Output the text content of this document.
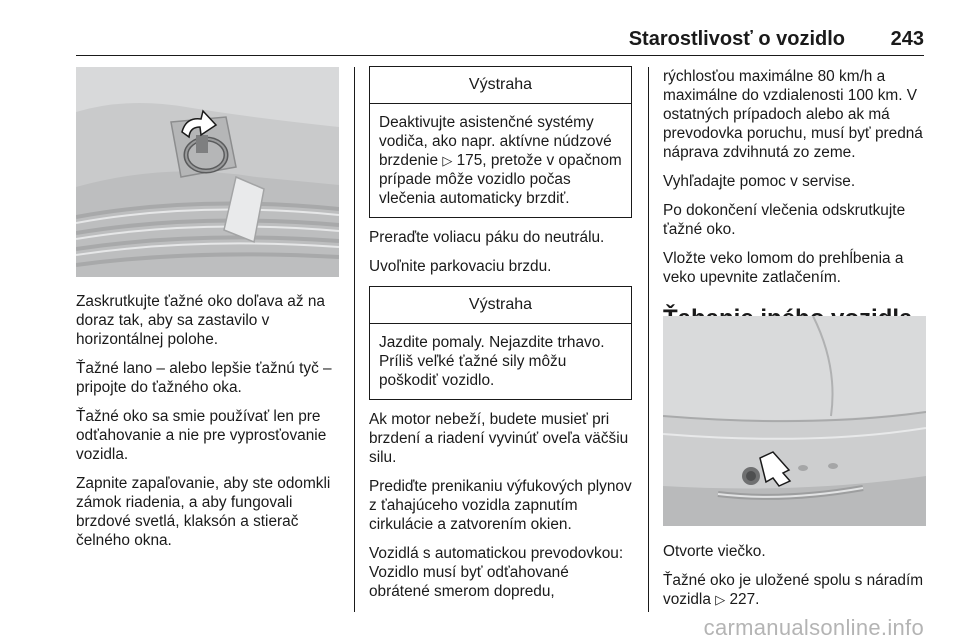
Starostlivosť o vozidlo 243

Zaskrutkujte ťažné oko doľava až na doraz tak, aby sa zastavilo v horizontálnej polohe.

Ťažné lano – alebo lepšie ťažnú tyč – pripojte do ťažného oka.

Ťažné oko sa smie používať len pre odťahovanie a nie pre vyprosťovanie vozidla.

Zapnite zapaľovanie, aby ste odomkli zámok riadenia, a aby fungovali brzdové svetlá, klaksón a stierač čelného okna.

Výstraha
Deaktivujte asistenčné systémy vodiča, ako napr. aktívne núdzové brzdenie ▷ 175, pretože v opačnom prípade môže vozidlo počas vlečenia automaticky brzdiť.

Preraďte voliacu páku do neutrálu.

Uvoľnite parkovaciu brzdu.

Výstraha
Jazdite pomaly. Nejazdite trhavo. Príliš veľké ťažné sily môžu poškodiť vozidlo.

Ak motor nebeží, budete musieť pri brzdení a riadení vyvinúť oveľa väčšiu silu.

Prediďte prenikaniu výfukových plynov z ťahajúceho vozidla zapnutím cirkulácie a zatvorením okien.

Vozidlá s automatickou prevodovkou: Vozidlo musí byť odťahované obrátené smerom dopredu,

rýchlosťou maximálne 80 km/h a maximálne do vzdialenosti 100 km. V ostatných prípadoch alebo ak má prevodovka poruchu, musí byť predná náprava zdvihnutá zo zeme.

Vyhľadajte pomoc v servise.

Po dokončení vlečenia odskrutkujte ťažné oko.

Vložte veko lomom do prehĺbenia a veko upevnite zatlačením.

Otvorte viečko.

Ťažné oko je uložené spolu s náradím vozidla ▷ 227.

carmanualsonline.info
